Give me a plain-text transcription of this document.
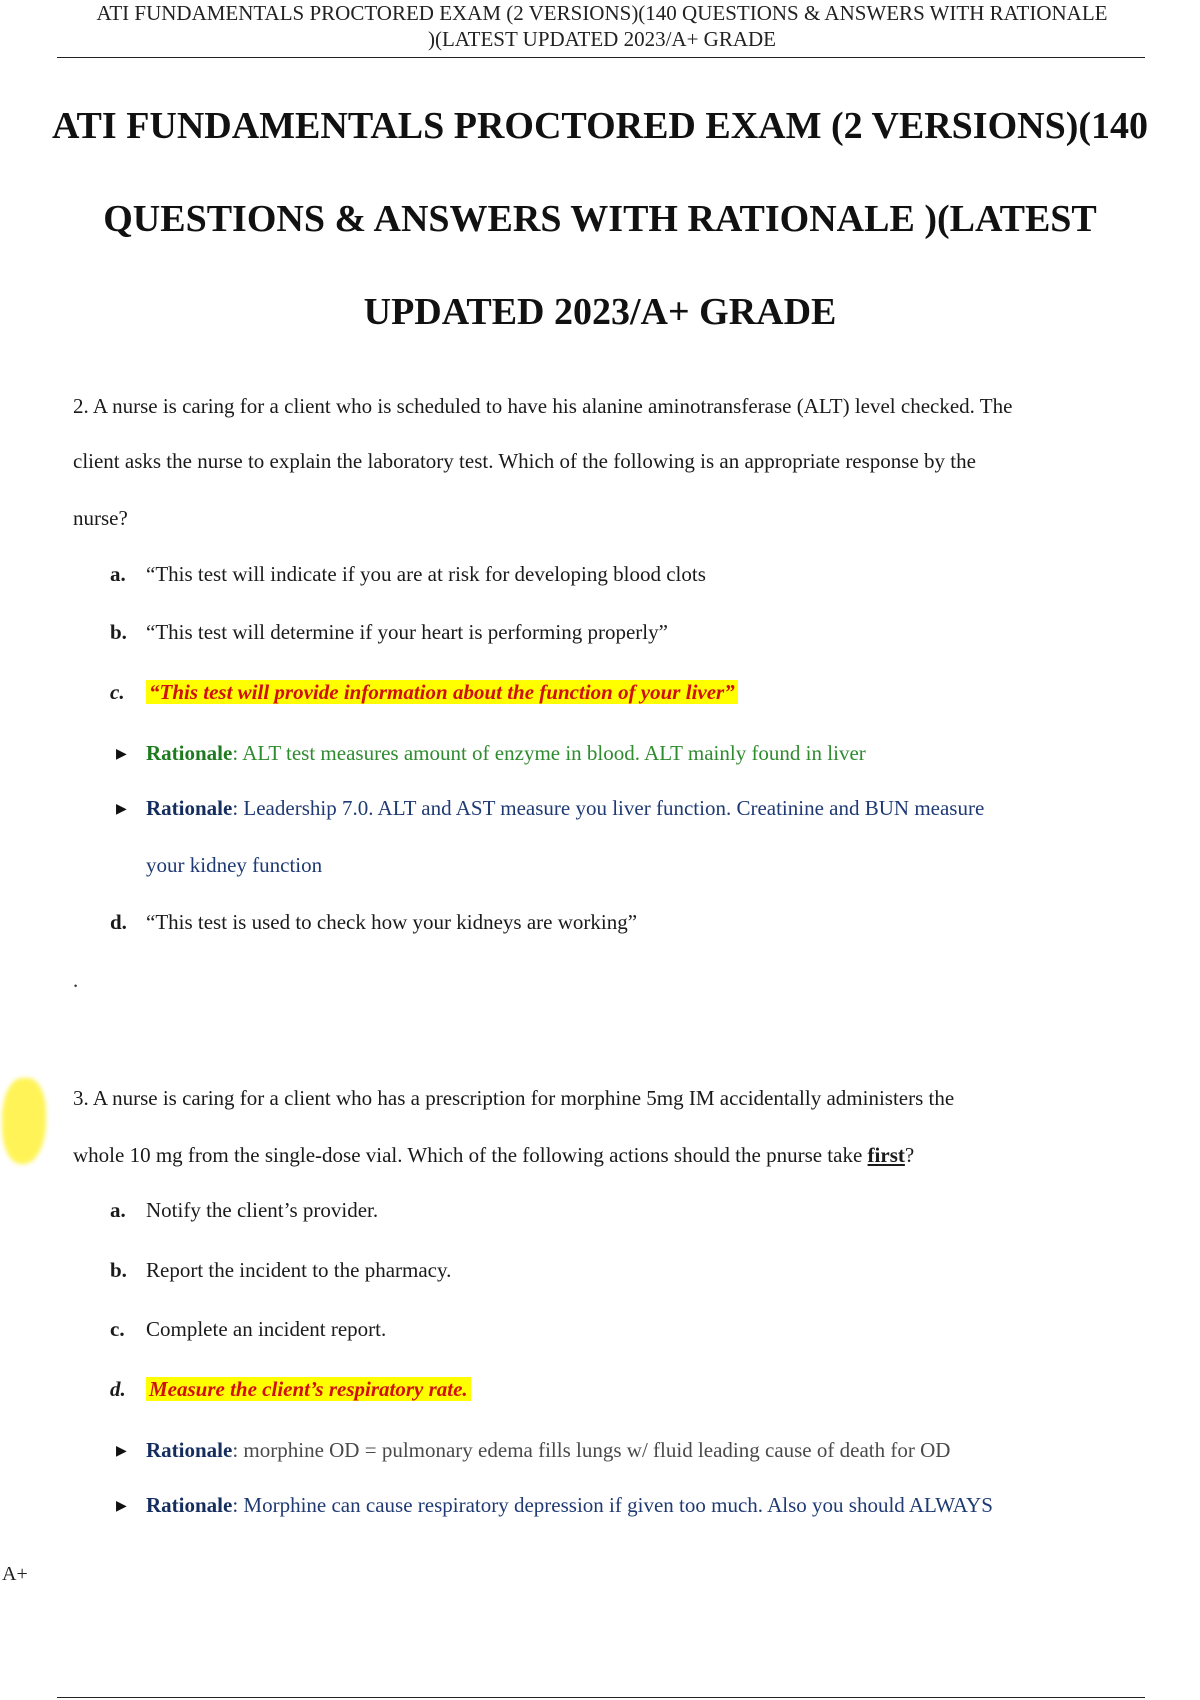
ATI FUNDAMENTALS PROCTORED EXAM (2 VERSIONS)(140 QUESTIONS & ANSWERS WITH RATIONALE
)(LATEST UPDATED 2023/A+ GRADE
ATI FUNDAMENTALS PROCTORED EXAM (2 VERSIONS)(140
QUESTIONS & ANSWERS WITH RATIONALE )(LATEST
UPDATED 2023/A+ GRADE
2. A nurse is caring for a client who is scheduled to have his alanine aminotransferase (ALT) level checked. The
client asks the nurse to explain the laboratory test. Which of the following is an appropriate response by the
nurse?
a. “This test will indicate if you are at risk for developing blood clots
b. “This test will determine if your heart is performing properly”
c. “This test will provide information about the function of your liver”
▶ Rationale: ALT test measures amount of enzyme in blood. ALT mainly found in liver
▶ Rationale: Leadership 7.0. ALT and AST measure you liver function. Creatinine and BUN measure
your kidney function
d. “This test is used to check how your kidneys are working”
.
3. A nurse is caring for a client who has a prescription for morphine 5mg IM accidentally administers the
whole 10 mg from the single-dose vial. Which of the following actions should the pnurse take first?
a. Notify the client’s provider.
b. Report the incident to the pharmacy.
c. Complete an incident report.
d. Measure the client’s respiratory rate.
▶ Rationale: morphine OD = pulmonary edema fills lungs w/ fluid leading cause of death for OD
▶ Rationale: Morphine can cause respiratory depression if given too much. Also you should ALWAYS
A+
